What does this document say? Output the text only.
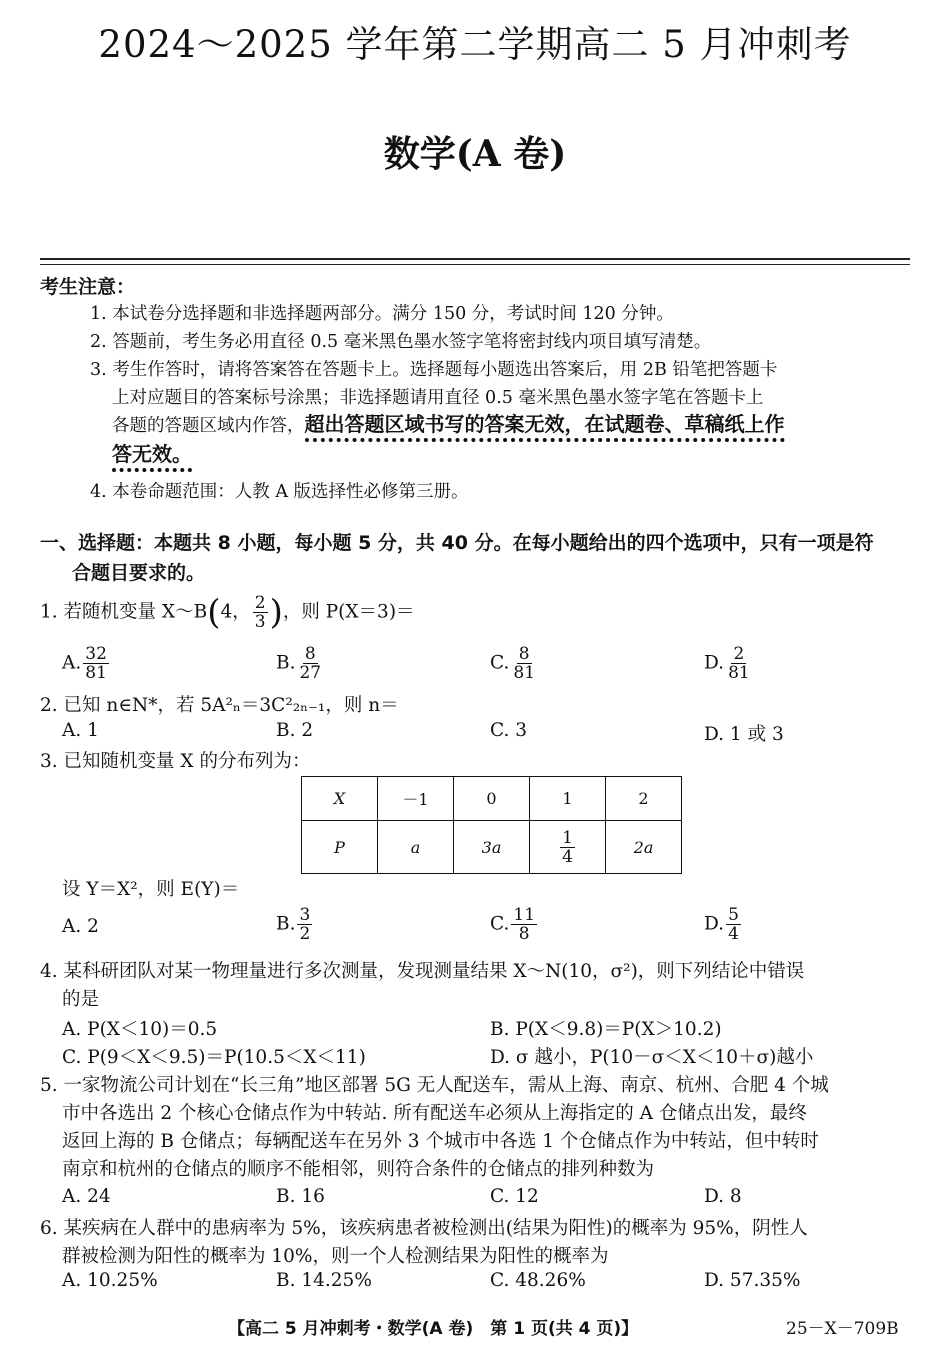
2024～2025 学年第二学期高二 5 月冲刺考
数学(A 卷)
考生注意：
1. 本试卷分选择题和非选择题两部分。满分 150 分，考试时间 120 分钟。
2. 答题前，考生务必用直径 0.5 毫米黑色墨水签字笔将密封线内项目填写清楚。
3. 考生作答时，请将答案答在答题卡上。选择题每小题选出答案后，用 2B 铅笔把答题卡
上对应题目的答案标号涂黑；非选择题请用直径 0.5 毫米黑色墨水签字笔在答题卡上
各题的答题区域内作答，超出答题区域书写的答案无效，在试题卷、草稿纸上作
答无效。
4. 本卷命题范围：人教 A 版选择性必修第三册。
一、选择题：本题共 8 小题，每小题 5 分，共 40 分。在每小题给出的四个选项中，只有一项是符
合题目要求的。
1. 若随机变量 X～B(4， $\frac{2}{3}$ )，则 P(X＝3)＝
A. $\frac{32}{81}$	B. $\frac{8}{27}$	C. $\frac{8}{81}$	D. $\frac{2}{81}$
2. 已知 n∈N*，若 5A²ₙ＝3C²₂ₙ₋₁，则 n＝
A. 1	B. 2	C. 3	D. 1 或 3
3. 已知随机变量 X 的分布列为：
X	－1	0	1	2
P	a	3a	$\frac{1}{4}$	2a
设 Y＝X²，则 E(Y)＝
A. 2	B. $\frac{3}{2}$	C. $\frac{11}{8}$	D. $\frac{5}{4}$
4. 某科研团队对某一物理量进行多次测量，发现测量结果 X～N(10，σ²)，则下列结论中错误
的是
A. P(X＜10)＝0.5	B. P(X＜9.8)＝P(X＞10.2)
C. P(9＜X＜9.5)＝P(10.5＜X＜11)	D. σ 越小，P(10－σ＜X＜10＋σ)越小
5. 一家物流公司计划在“长三角”地区部署 5G 无人配送车，需从上海、南京、杭州、合肥 4 个城
市中各选出 2 个核心仓储点作为中转站. 所有配送车必须从上海指定的 A 仓储点出发，最终
返回上海的 B 仓储点；每辆配送车在另外 3 个城市中各选 1 个仓储点作为中转站，但中转时
南京和杭州的仓储点的顺序不能相邻，则符合条件的仓储点的排列种数为
A. 24	B. 16	C. 12	D. 8
6. 某疾病在人群中的患病率为 5%，该疾病患者被检测出(结果为阳性)的概率为 95%，阴性人
群被检测为阳性的概率为 10%，则一个人检测结果为阳性的概率为
A. 10.25%	B. 14.25%	C. 48.26%	D. 57.35%
【高二 5 月冲刺考・数学(A 卷)　第 1 页(共 4 页)】	25－X－709B
